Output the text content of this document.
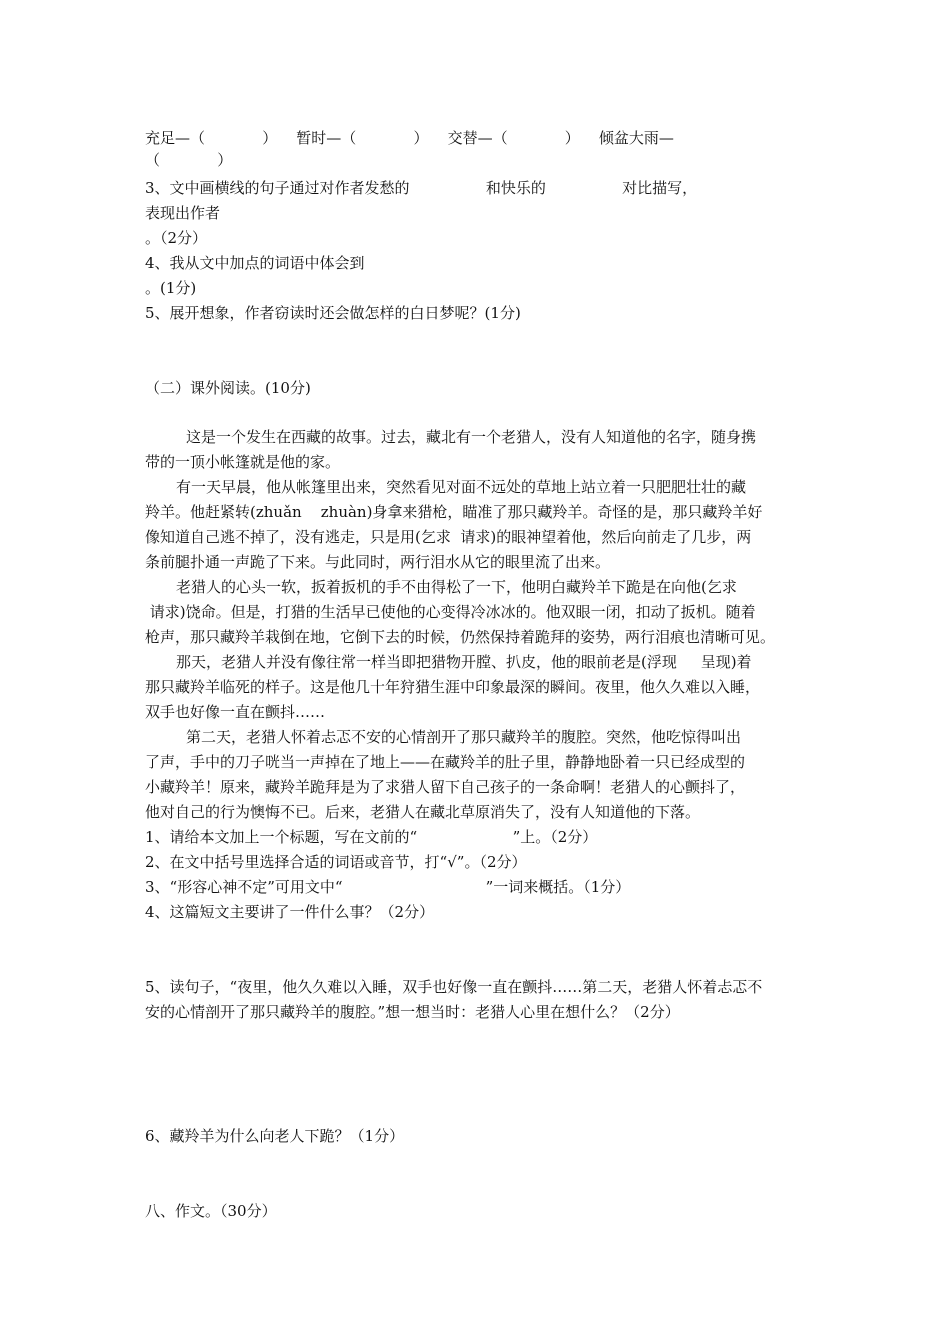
充足—（            ）    暂时—（            ）    交替—（            ）    倾盆大雨—
（            ）
3、文中画横线的句子通过对作者发愁的                和快乐的                对比描写，
表现出作者
。（2分）
4、我从文中加点的词语中体会到
。(1分)
5、展开想象，作者窃读时还会做怎样的白日梦呢？(1分)
（二）课外阅读。(10分)
这是一个发生在西藏的故事。过去，藏北有一个老猎人，没有人知道他的名字，随身携
带的一顶小帐篷就是他的家。
有一天早晨，他从帐篷里出来，突然看见对面不远处的草地上站立着一只肥肥壮壮的藏
羚羊。他赶紧转(zhuǎn    zhuàn)身拿来猎枪，瞄准了那只藏羚羊。奇怪的是，那只藏羚羊好
像知道自己逃不掉了，没有逃走，只是用(乞求  请求)的眼神望着他，然后向前走了几步，两
条前腿扑通一声跪了下来。与此同时，两行泪水从它的眼里流了出来。
老猎人的心头一软，扳着扳机的手不由得松了一下，他明白藏羚羊下跪是在向他(乞求
请求)饶命。但是，打猎的生活早已使他的心变得冷冰冰的。他双眼一闭，扣动了扳机。随着
枪声，那只藏羚羊栽倒在地，它倒下去的时候，仍然保持着跪拜的姿势，两行泪痕也清晰可见。
那天，老猎人并没有像往常一样当即把猎物开膛、扒皮，他的眼前老是(浮现     呈现)着
那只藏羚羊临死的样子。这是他几十年狩猎生涯中印象最深的瞬间。夜里，他久久难以入睡，
双手也好像一直在颤抖……
第二天，老猎人怀着忐忑不安的心情剖开了那只藏羚羊的腹腔。突然，他吃惊得叫出
了声，手中的刀子咣当一声掉在了地上——在藏羚羊的肚子里，静静地卧着一只已经成型的
小藏羚羊！原来，藏羚羊跪拜是为了求猎人留下自己孩子的一条命啊！老猎人的心颤抖了，
他对自己的行为懊悔不已。后来，老猎人在藏北草原消失了，没有人知道他的下落。
1、请给本文加上一个标题，写在文前的“                    ”上。（2分）
2、在文中括号里选择合适的词语或音节，打“√”。（2分）
3、“形容心神不定”可用文中“                              ”一词来概括。（1分）
4、这篇短文主要讲了一件什么事？（2分）
5、读句子，“夜里，他久久难以入睡，双手也好像一直在颤抖……第二天，老猎人怀着忐忑不
安的心情剖开了那只藏羚羊的腹腔。”想一想当时：老猎人心里在想什么？（2分）
6、藏羚羊为什么向老人下跪？（1分）
八、作文。（30分）
